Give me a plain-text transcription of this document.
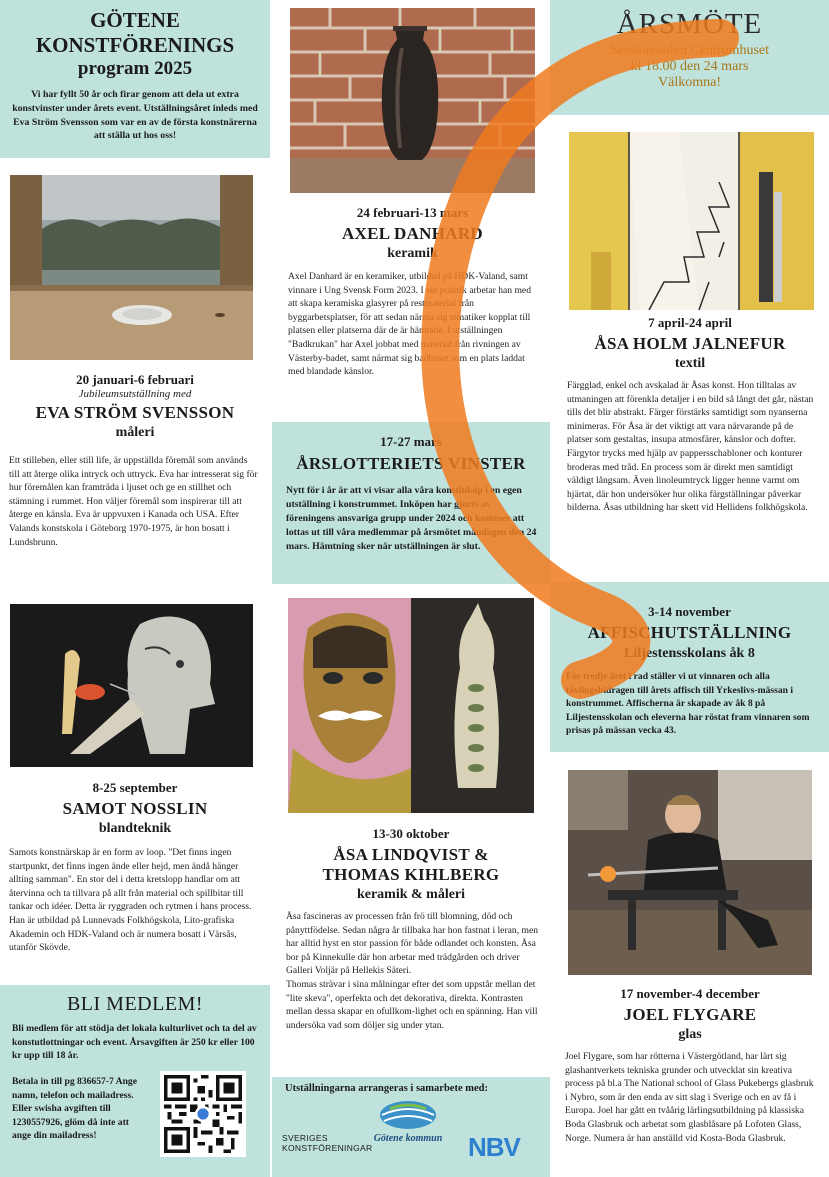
GÖTENE
KONSTFÖRENINGS
program 2025
Vi har fyllt 50 år och firar genom att dela ut extra konstvinster under årets event. Utställningsåret inleds med Eva Ström Svensson som var en av de första konstnärerna att ställa ut hos oss!
ÅRSMÖTE
Sessionssalen Centrumhuset
kl 18.00 den 24 mars
Välkomna!
20 januari-6 februari
Jubileumsutställning med
EVA STRÖM SVENSSON
måleri
Ett stilleben, eller still life, är uppställda föremål som används till att återge olika intryck och uttryck. Eva har intresserat sig för hur föremålen kan framträda i ljuset och ge en stillhet och stämning i rummet. Hon väljer föremål som inspirerar till att återge en känsla. Eva är uppvuxen i Kanada och USA. Efter Valands konstskola i Göteborg 1970-1975, är hon bosatt i Lundsbrunn.
24 februari-13 mars
AXEL DANHARD
keramik
Axel Danhard är en keramiker, utbildad på HDK-Valand, samt vinnare i Ung Svensk Form 2023. I sin praktik arbetar han med att skapa keramiska glasyrer på restmaterial från byggarbetsplatser, för att sedan närma sig tematiker kopplat till platsen eller platserna där de är hämtade. I utställningen "Badkrukan" har Axel jobbat med material från rivningen av Västerby-badet, samt närmat sig badhuset som en plats laddat med blandade känslor.
7 april-24 april
ÅSA HOLM JALNEFUR
textil
Färgglad, enkel och avskalad är Åsas konst. Hon tilltalas av utmaningen att förenkla detaljer i en bild så långt det går, nästan tills det blir abstrakt. Färger förstärks samtidigt som nyanserna minimeras. För Åsa är det viktigt att vara närvarande på de platser som gestaltas, insupa atmosfärer, känslor och dofter. Färgytor trycks med hjälp av pappersschabloner och konturer broderas med tråd. En process som är direkt men samtidigt väldigt långsam. Även linoleumtryck ligger henne varmt om hjärtat, där hon undersöker hur olika färgställningar påverkar bilderna. Åsas utbildning har skett vid Hellidens folkhögskola.
17-27 mars
ÅRSLOTTERIETS VINSTER
Nytt för i år är att vi visar alla våra konstinköp i en egen utställning i konstrummet. Inköpen har gjorts av föreningens ansvariga grupp under 2024 och kommer att lottas ut till våra medlemmar på årsmötet måndagen den 24 mars. Hämtning sker när utställningen är slut.
8-25 september
SAMOT NOSSLIN
blandteknik
Samots konstnärskap är en form av loop. "Det finns ingen startpunkt, det finns ingen ände eller hejd, men ändå hänger allting samman". En stor del i detta kretslopp handlar om att återvinna och ta tillvara på allt från material och spillbitar till tankar och idéer. Detta är ryggraden och rytmen i hans process. Han är utbildad på Lunnevads Folkhögskola, Lito-grafiska Akademin och HDK-Valand och är numera bosatt i Värsås, utanför Skövde.
13-30 oktober
ÅSA LINDQVIST &
THOMAS KIHLBERG
keramik & måleri
Åsa fascineras av processen från frö till blomning, död och pånyttfödelse. Sedan några år tillbaka har hon fastnat i leran, men har alltid hyst en stor passion för både odlandet och konsten. Åsa bor på Kinnekulle där hon arbetar med trädgården och driver Galleri Voljär på Hellekis Säteri.
Thomas strävar i sina målningar efter det som uppstår mellan det "lite skeva", operfekta och det dekorativa, direkta. Kontrasten mellan dessa skapar en ofullkom-lighet och en spänning. Han vill undersöka vad som döljer sig under ytan.
3-14 november
AFFISCHUTSTÄLLNING
Liljestensskolans åk 8
För tredje året i rad ställer vi ut vinnaren och alla tävlingsbidragen till årets affisch till Yrkeslivs-mässan i konstrummet. Affischerna är skapade av åk 8 på Liljestensskolan och eleverna har röstat fram vinnaren som prisas på mässan vecka 43.
17 november-4 december
JOEL FLYGARE
glas
Joel Flygare, som har rötterna i Västergötland, har lärt sig glashantverkets tekniska grunder och utvecklat sin kreativa process på bl.a The National school of Glass Pukebergs glasbruk i Nybro, som är den enda av sitt slag i Sverige och en av få i Europa. Joel har gått en tvåårig lärlingsutbildning på klassiska Boda Glasbruk och arbetat som glasblåsare på Lofoten Glass, Norge. Numera är han anställd vid Kosta-Boda Glasbruk.
BLI MEDLEM!
Bli medlem för att stödja det lokala kulturlivet och ta del av konstutlottningar och event. Årsavgiften är 250 kr eller 100 kr upp till 18 år.
Betala in till pg 836657-7 Ange namn, telefon och mailadress. Eller swisha avgiften till 1230557926, glöm då inte att ange din mailadress!
Utställningarna arrangeras i samarbete med:
SVERIGES
KONSTFÖRENINGAR
Götene kommun NBV
